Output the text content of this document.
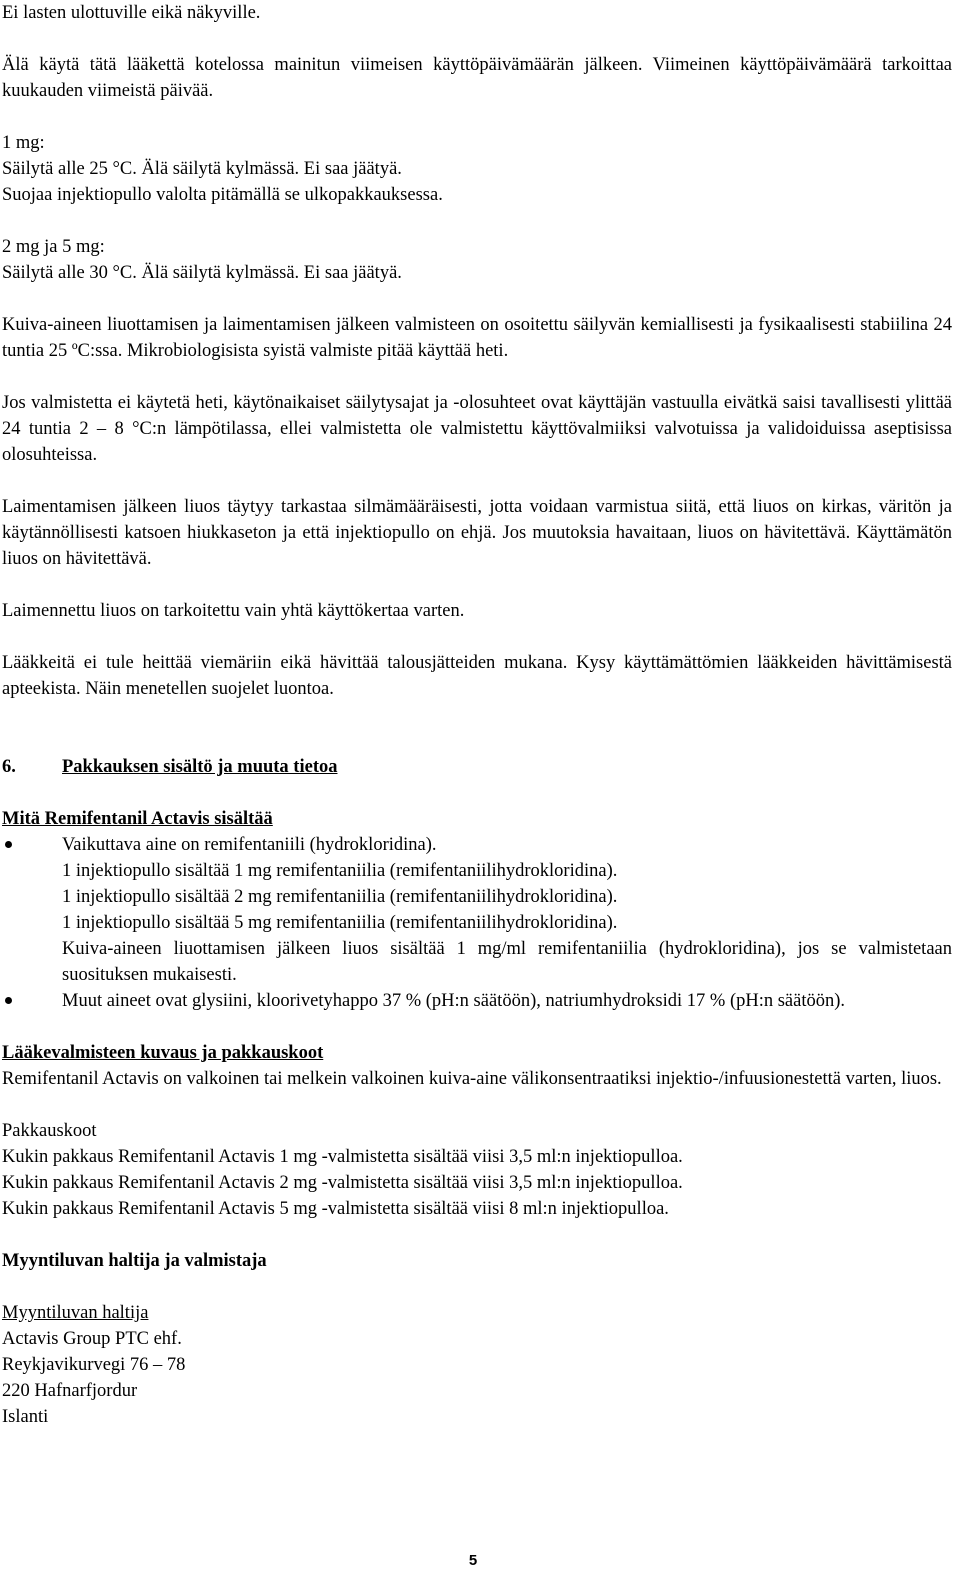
Ei lasten ulottuville eikä näkyville.

Älä käytä tätä lääkettä kotelossa mainitun viimeisen käyttöpäivämäärän jälkeen. Viimeinen käyttöpäivämäärä tarkoittaa kuukauden viimeistä päivää.

1 mg:

Säilytä alle 25 °C. Älä säilytä kylmässä. Ei saa jäätyä.

Suojaa injektiopullo valolta pitämällä se ulkopakkauksessa.

2 mg ja 5 mg:

Säilytä alle 30 °C. Älä säilytä kylmässä. Ei saa jäätyä.

Kuiva-aineen liuottamisen ja laimentamisen jälkeen valmisteen on osoitettu säilyvän kemiallisesti ja fysikaalisesti stabiilina 24 tuntia 25 ºC:ssa. Mikrobiologisista syistä valmiste pitää käyttää heti.

Jos valmistetta ei käytetä heti, käytönaikaiset säilytysajat ja -olosuhteet ovat käyttäjän vastuulla eivätkä saisi tavallisesti ylittää 24 tuntia 2 – 8 °C:n lämpötilassa, ellei valmistetta ole valmistettu käyttövalmiiksi valvotuissa ja validoiduissa aseptisissa olosuhteissa.

Laimentamisen jälkeen liuos täytyy tarkastaa silmämääräisesti, jotta voidaan varmistua siitä, että liuos on kirkas, väritön ja käytännöllisesti katsoen hiukkaseton ja että injektiopullo on ehjä. Jos muutoksia havaitaan, liuos on hävitettävä. Käyttämätön liuos on hävitettävä.

Laimennettu liuos on tarkoitettu vain yhtä käyttökertaa varten.

Lääkkeitä ei tule heittää viemäriin eikä hävittää talousjätteiden mukana. Kysy käyttämättömien lääkkeiden hävittämisestä apteekista. Näin menetellen suojelet luontoa.

6.	Pakkauksen sisältö ja muuta tietoa

Mitä Remifentanil Actavis sisältää

Vaikuttava aine on remifentaniili (hydrokloridina).

1 injektiopullo sisältää 1 mg remifentaniilia (remifentaniilihydrokloridina).

1 injektiopullo sisältää 2 mg remifentaniilia (remifentaniilihydrokloridina).

1 injektiopullo sisältää 5 mg remifentaniilia (remifentaniilihydrokloridina).

Kuiva-aineen liuottamisen jälkeen liuos sisältää 1 mg/ml remifentaniilia (hydrokloridina), jos se valmistetaan suosituksen mukaisesti.

Muut aineet ovat glysiini, kloorivetyhappo 37 % (pH:n säätöön), natriumhydroksidi 17 % (pH:n säätöön).

Lääkevalmisteen kuvaus ja pakkauskoot

Remifentanil Actavis on valkoinen tai melkein valkoinen kuiva-aine välikonsentraatiksi injektio-/infuusionestettä varten, liuos.

Pakkauskoot

Kukin pakkaus Remifentanil Actavis 1 mg -valmistetta sisältää viisi 3,5 ml:n injektiopulloa.

Kukin pakkaus Remifentanil Actavis 2 mg -valmistetta sisältää viisi 3,5 ml:n injektiopulloa.

Kukin pakkaus Remifentanil Actavis 5 mg -valmistetta sisältää viisi 8 ml:n injektiopulloa.

Myyntiluvan haltija ja valmistaja

Myyntiluvan haltija

Actavis Group PTC ehf.

Reykjavikurvegi 76 – 78

220 Hafnarfjordur

Islanti

5
